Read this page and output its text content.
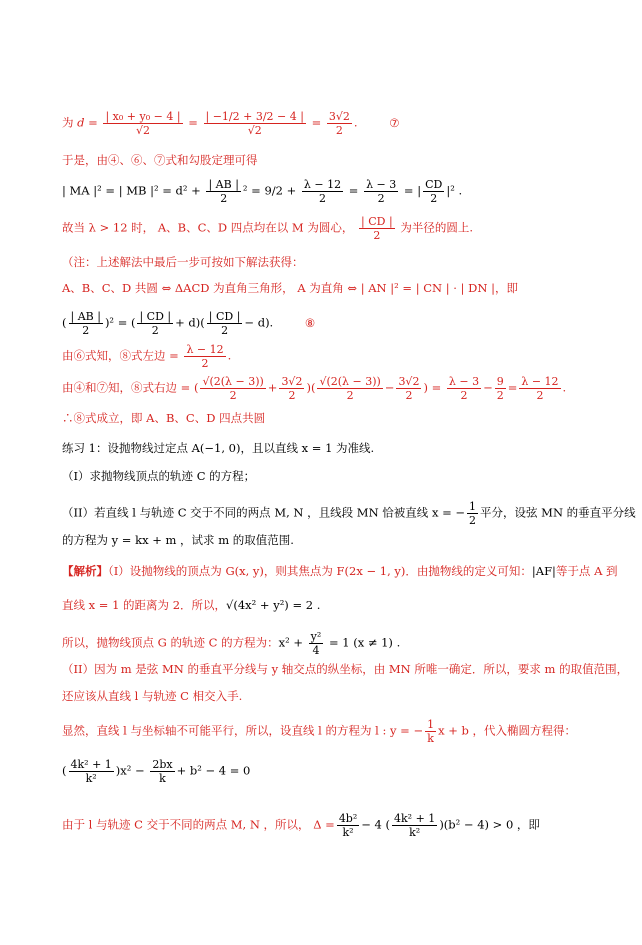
为 $d = \frac{\text{| x₀ + y₀ − 4 |}}{√2} = \frac{| -1/2 + 3/2 - 4 |}{√2} = \frac{3√2}{2}$ .	⑦
于是，由④、⑥、⑦式和勾股定理可得
| MA |² = | MB $|^2 = d^2 + \frac{| AB |}{2} ^2 = 9/2 + \frac{\lambda - 12}{2} = \frac{\lambda - 3}{2}$ = | $\frac{CD}{2} |^2$ .
故当 λ > 12 时， A、B、C、D 四点均在以 M 为圆心， $\frac{| CD |}{2}$ 为半径的圆上.
（注：上述解法中最后一步可按如下解法获得：
A、B、C、D 共圆 ⇔ ΔACD 为直角三角形， A 为直角 ⇔ | AN |² = | CN | · | DN |，即
( $\frac{| AB |}{2} )^2$ = ( $\frac{| CD |}{2} + d)( \frac{| CD |}{2} - d)$.	⑧
由⑥式知，⑧式左边 = $\frac{\lambda - 12}{2}$ .
由④和⑦知，⑧式右边 = ( $\frac{√(2(\lambda - 3))}{2} + \frac{3√2}{2}$ )( $\frac{√(2(\lambda - 3))}{2} - \frac{3√2}{2}$ ) = $\frac{\lambda - 3}{2} - \frac{9}{2} = \frac{\lambda - 12}{2}$ .
∴⑧式成立，即 A、B、C、D 四点共圆
练习 1：设抛物线过定点 A(−1, 0)，且以直线 x = 1 为准线.
（I）求抛物线顶点的轨迹 C 的方程；
（II）若直线 l 与轨迹 C 交于不同的两点 M, N ，且线段 MN 恰被直线 x = − $\frac{1}{2}$ 平分，设弦 MN 的垂直平分线
的方程为 y = kx + m ，试求 m 的取值范围.
【解析】（I）设抛物线的顶点为 G(x, y)，则其焦点为 F(2x − 1, y)．由抛物线的定义可知：|AF|等于点 A 到
直线 x = 1 的距离为 2．所以，√(4x² + y²) = 2 .
所以，抛物线顶点 G 的轨迹 C 的方程为：$x^2 + \frac{\text{y²}}{4} = 1$ (x ≠ 1) .
（II）因为 m 是弦 MN 的垂直平分线与 y 轴交点的纵坐标，由 MN 所唯一确定．所以，要求 m 的取值范围，
还应该从直线 l 与轨迹 C 相交入手.
显然，直线 l 与坐标轴不可能平行，所以，设直线 l 的方程为 l : y = − $\frac{1}{k}$ x + b ，代入椭圆方程得：
( $\frac{\text{4k² + 1}}{\text{k²}} )x^2 - \frac{2bx}{k} + b^2 - 4 = 0$
由于 l 与轨迹 C 交于不同的两点 M, N ，所以， $\Delta = \frac{\text{4b²}}{\text{k²}} - 4$ ( $\frac{\text{4k² + 1}}{\text{k²}} )(b^2 - 4) > 0$ ，即
